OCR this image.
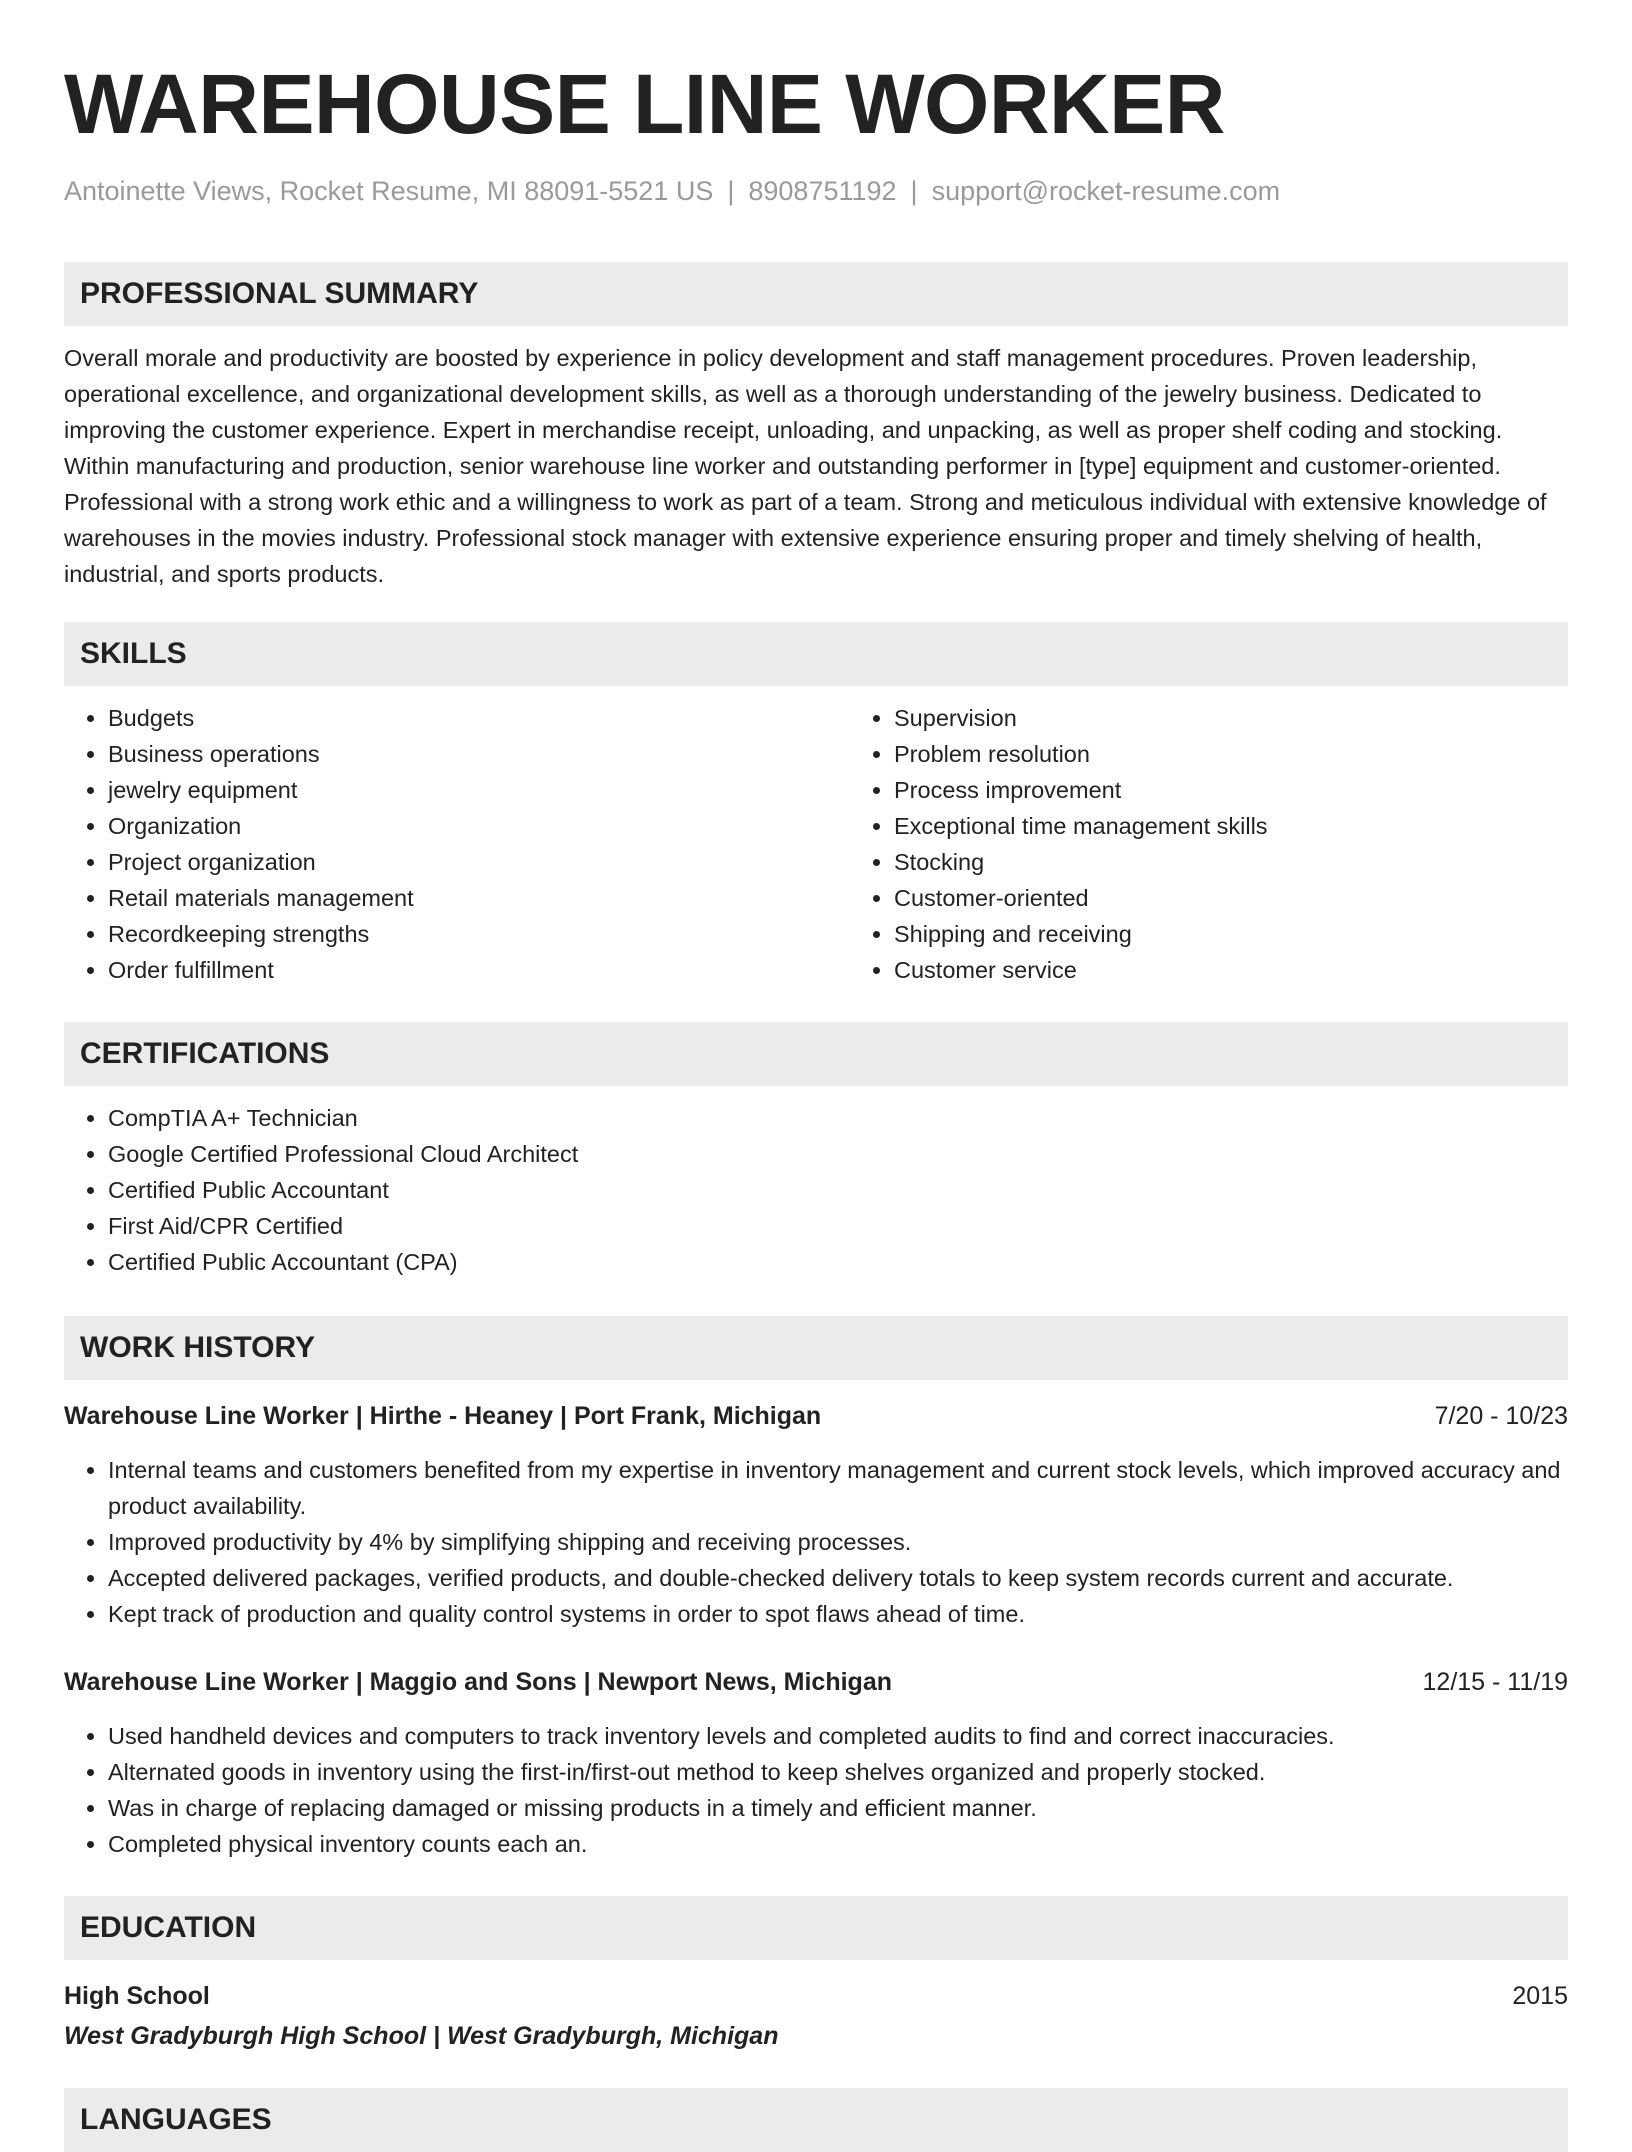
WAREHOUSE LINE WORKER
Antoinette Views, Rocket Resume, MI 88091-5521 US | 8908751192 | support@rocket-resume.com
PROFESSIONAL SUMMARY

Overall morale and productivity are boosted by experience in policy development and staff management procedures. Proven leadership, operational excellence, and organizational development skills, as well as a thorough understanding of the jewelry business. Dedicated to improving the customer experience. Expert in merchandise receipt, unloading, and unpacking, as well as proper shelf coding and stocking. Within manufacturing and production, senior warehouse line worker and outstanding performer in [type] equipment and customer-oriented. Professional with a strong work ethic and a willingness to work as part of a team. Strong and meticulous individual with extensive knowledge of warehouses in the movies industry. Professional stock manager with extensive experience ensuring proper and timely shelving of health, industrial, and sports products.

SKILLS
• Budgets
• Business operations
• jewelry equipment
• Organization
• Project organization
• Retail materials management
• Recordkeeping strengths
• Order fulfillment
• Supervision
• Problem resolution
• Process improvement
• Exceptional time management skills
• Stocking
• Customer-oriented
• Shipping and receiving
• Customer service
CERTIFICATIONS
• CompTIA A+ Technician
• Google Certified Professional Cloud Architect
• Certified Public Accountant
• First Aid/CPR Certified
• Certified Public Accountant (CPA)
WORK HISTORY
Warehouse Line Worker | Hirthe - Heaney | Port Frank, Michigan	7/20 - 10/23
• Internal teams and customers benefited from my expertise in inventory management and current stock levels, which improved accuracy and product availability.
• Improved productivity by 4% by simplifying shipping and receiving processes.
• Accepted delivered packages, verified products, and double-checked delivery totals to keep system records current and accurate.
• Kept track of production and quality control systems in order to spot flaws ahead of time.
Warehouse Line Worker | Maggio and Sons | Newport News, Michigan	12/15 - 11/19
• Used handheld devices and computers to track inventory levels and completed audits to find and correct inaccuracies.
• Alternated goods in inventory using the first-in/first-out method to keep shelves organized and properly stocked.
• Was in charge of replacing damaged or missing products in a timely and efficient manner.
• Completed physical inventory counts each an.
EDUCATION
High School	2015
West Gradyburgh High School | West Gradyburgh, Michigan
LANGUAGES
